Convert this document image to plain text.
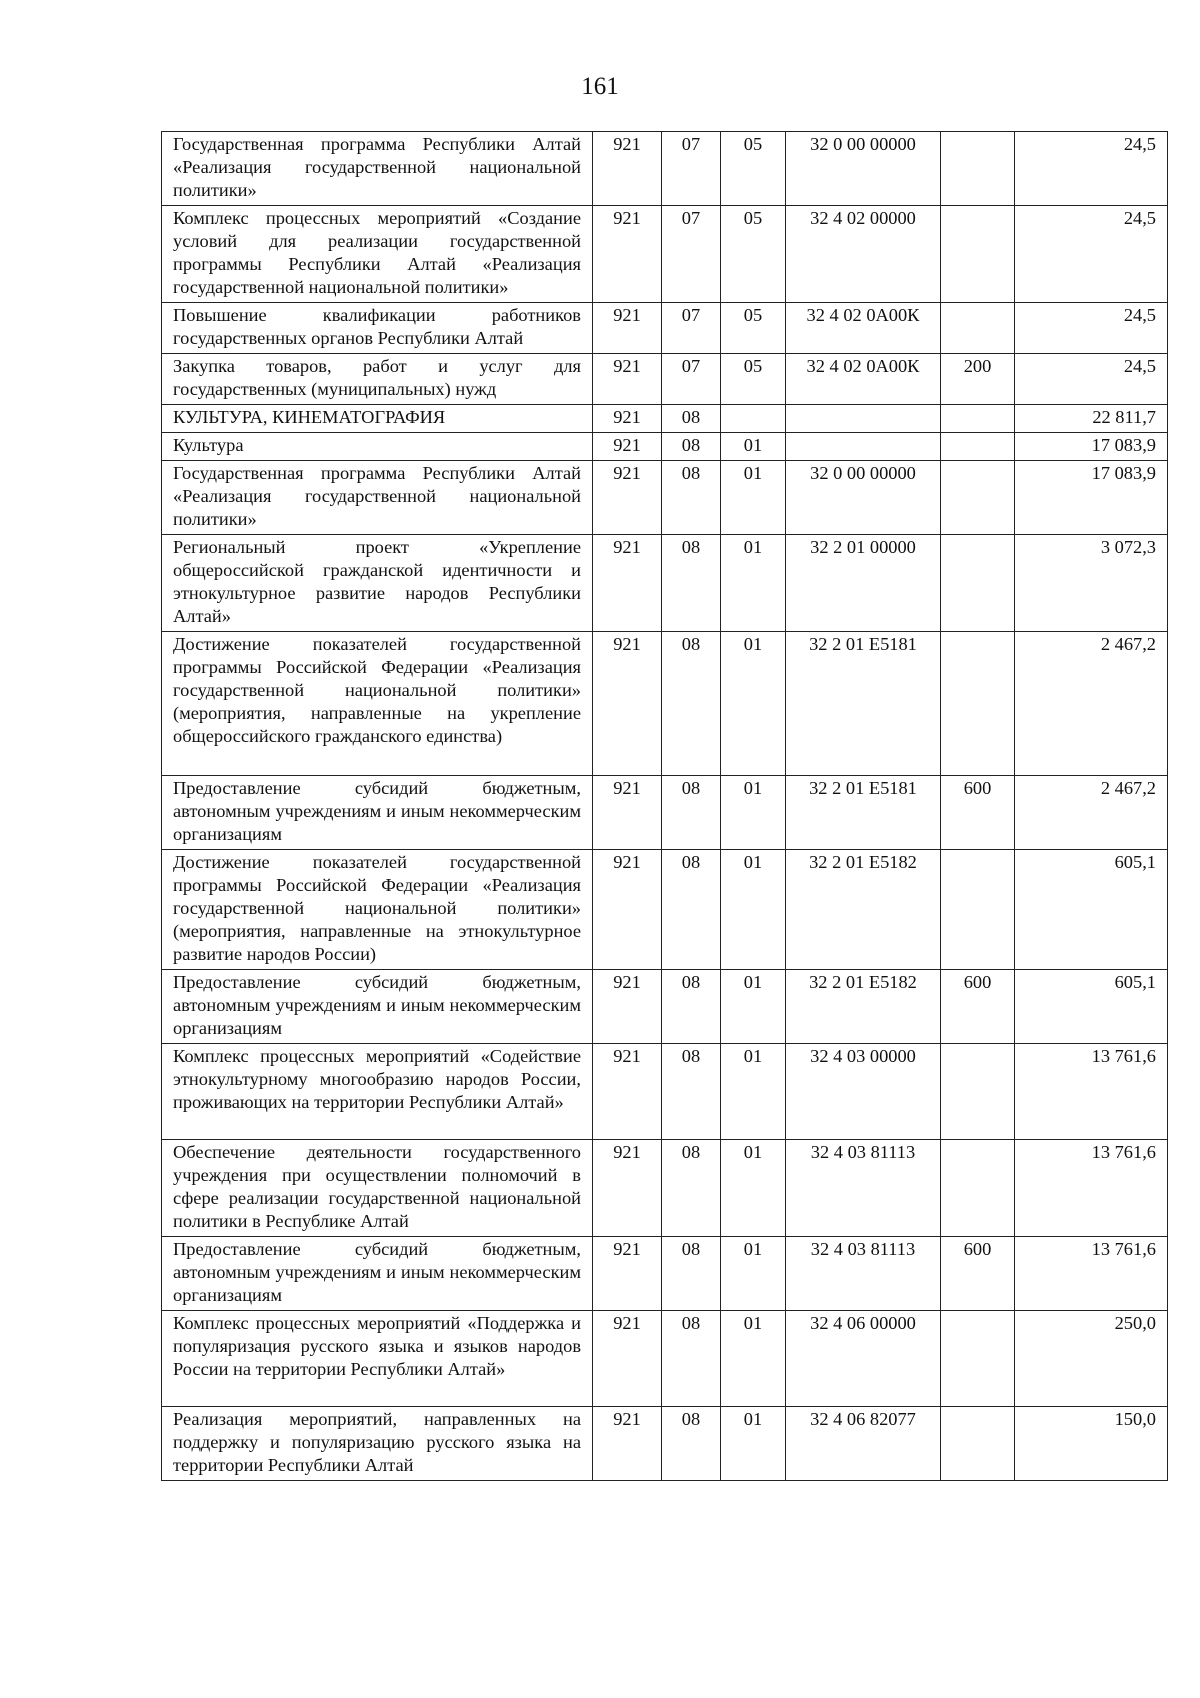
161
Государственная программа Республики Алтай «Реализация государственной национальной политики»	921	07	05	32 0 00 00000		24,5
Комплекс процессных мероприятий «Создание условий для реализации государственной программы Республики Алтай «Реализация государственной национальной политики»	921	07	05	32 4 02 00000		24,5
Повышение квалификации работников государственных органов Республики Алтай	921	07	05	32 4 02 0А00К		24,5
Закупка товаров, работ и услуг для государственных (муниципальных) нужд	921	07	05	32 4 02 0А00К	200	24,5
КУЛЬТУРА, КИНЕМАТОГРАФИЯ	921	08				22 811,7
Культура	921	08	01			17 083,9
Государственная программа Республики Алтай «Реализация государственной национальной политики»	921	08	01	32 0 00 00000		17 083,9
Региональный проект «Укрепление общероссийской гражданской идентичности и этнокультурное развитие народов Республики Алтай»	921	08	01	32 2 01 00000		3 072,3
Достижение показателей государственной программы Российской Федерации «Реализация государственной национальной политики» (мероприятия, направленные на укрепление общероссийского гражданского единства)	921	08	01	32 2 01 Е5181		2 467,2
Предоставление субсидий бюджетным, автономным учреждениям и иным некоммерческим организациям	921	08	01	32 2 01 Е5181	600	2 467,2
Достижение показателей государственной программы Российской Федерации «Реализация государственной национальной политики» (мероприятия, направленные на этнокультурное развитие народов России)	921	08	01	32 2 01 Е5182		605,1
Предоставление субсидий бюджетным, автономным учреждениям и иным некоммерческим организациям	921	08	01	32 2 01 Е5182	600	605,1
Комплекс процессных мероприятий «Содействие этнокультурному многообразию народов России, проживающих на территории Республики Алтай»	921	08	01	32 4 03 00000		13 761,6
Обеспечение деятельности государственного учреждения при осуществлении полномочий в сфере реализации государственной национальной политики в Республике Алтай	921	08	01	32 4 03 81113		13 761,6
Предоставление субсидий бюджетным, автономным учреждениям и иным некоммерческим организациям	921	08	01	32 4 03 81113	600	13 761,6
Комплекс процессных мероприятий «Поддержка и популяризация русского языка и языков народов России на территории Республики Алтай»	921	08	01	32 4 06 00000		250,0
Реализация мероприятий, направленных на поддержку и популяризацию русского языка на территории Республики Алтай	921	08	01	32 4 06 82077		150,0
